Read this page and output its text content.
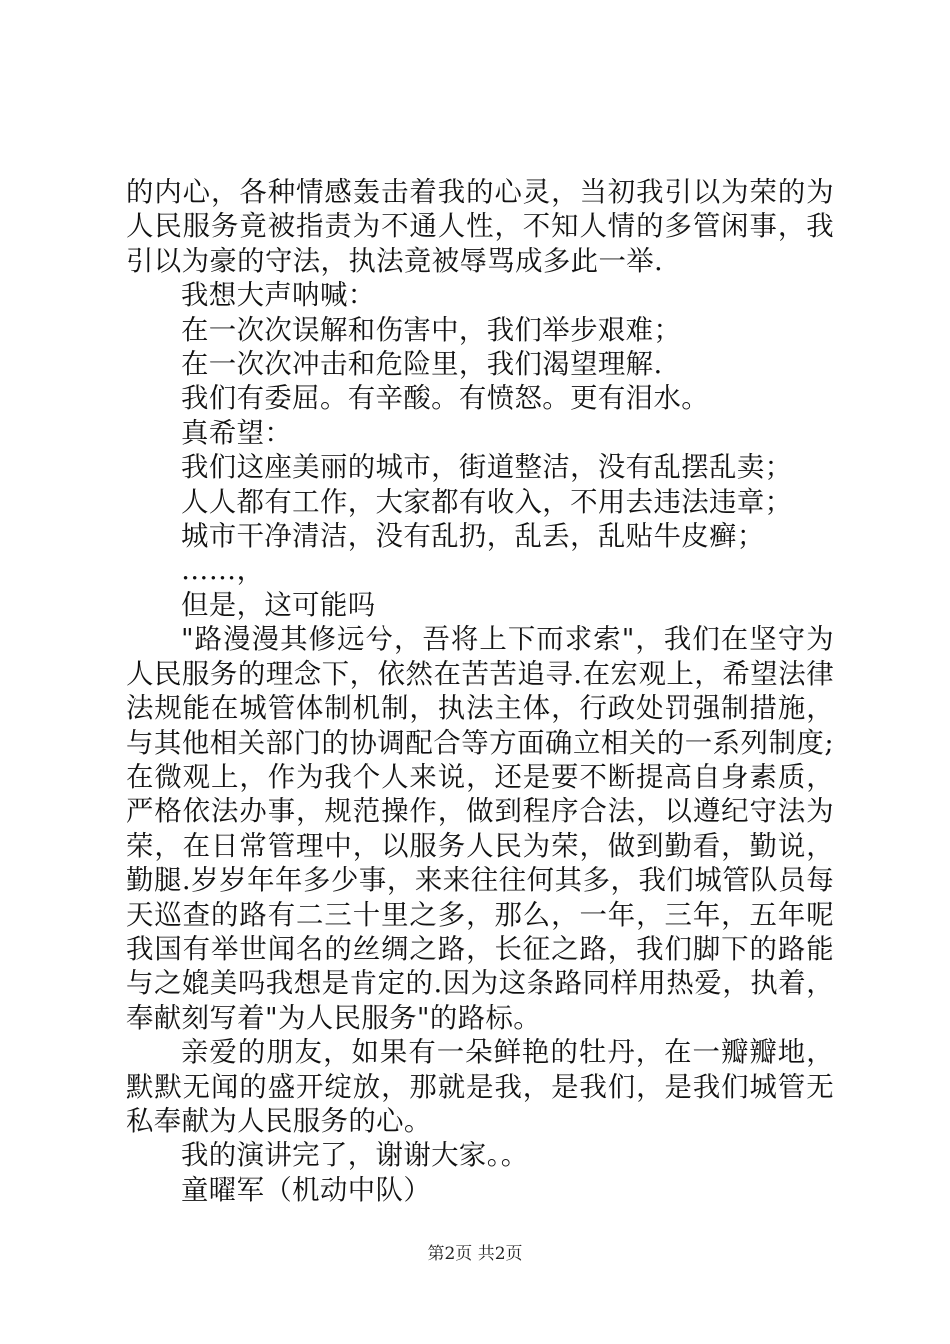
的内心，各种情感轰击着我的心灵，当初我引以为荣的为人民服务竟被指责为不通人性，不知人情的多管闲事，我引以为豪的守法，执法竟被辱骂成多此一举.

我想大声呐喊：

在一次次误解和伤害中，我们举步艰难；

在一次次冲击和危险里，我们渴望理解.

我们有委屈。有辛酸。有愤怒。更有泪水。

真希望：

我们这座美丽的城市，街道整洁，没有乱摆乱卖；

人人都有工作，大家都有收入，不用去违法违章；

城市干净清洁，没有乱扔，乱丢，乱贴牛皮癣；

……，

但是，这可能吗

"路漫漫其修远兮，吾将上下而求索"，我们在坚守为人民服务的理念下，依然在苦苦追寻.在宏观上，希望法律法规能在城管体制机制，执法主体，行政处罚强制措施，与其他相关部门的协调配合等方面确立相关的一系列制度;在微观上，作为我个人来说，还是要不断提高自身素质，严格依法办事，规范操作，做到程序合法，以遵纪守法为荣，在日常管理中，以服务人民为荣，做到勤看，勤说，勤腿.岁岁年年多少事，来来往往何其多，我们城管队员每天巡查的路有二三十里之多，那么，一年，三年，五年呢我国有举世闻名的丝绸之路，长征之路，我们脚下的路能与之媲美吗我想是肯定的.因为这条路同样用热爱，执着，奉献刻写着"为人民服务"的路标。

亲爱的朋友，如果有一朵鲜艳的牡丹，在一瓣瓣地，默默无闻的盛开绽放，那就是我，是我们，是我们城管无私奉献为人民服务的心。

我的演讲完了，谢谢大家。。

童曜军（机动中队）

第2页 共2页
